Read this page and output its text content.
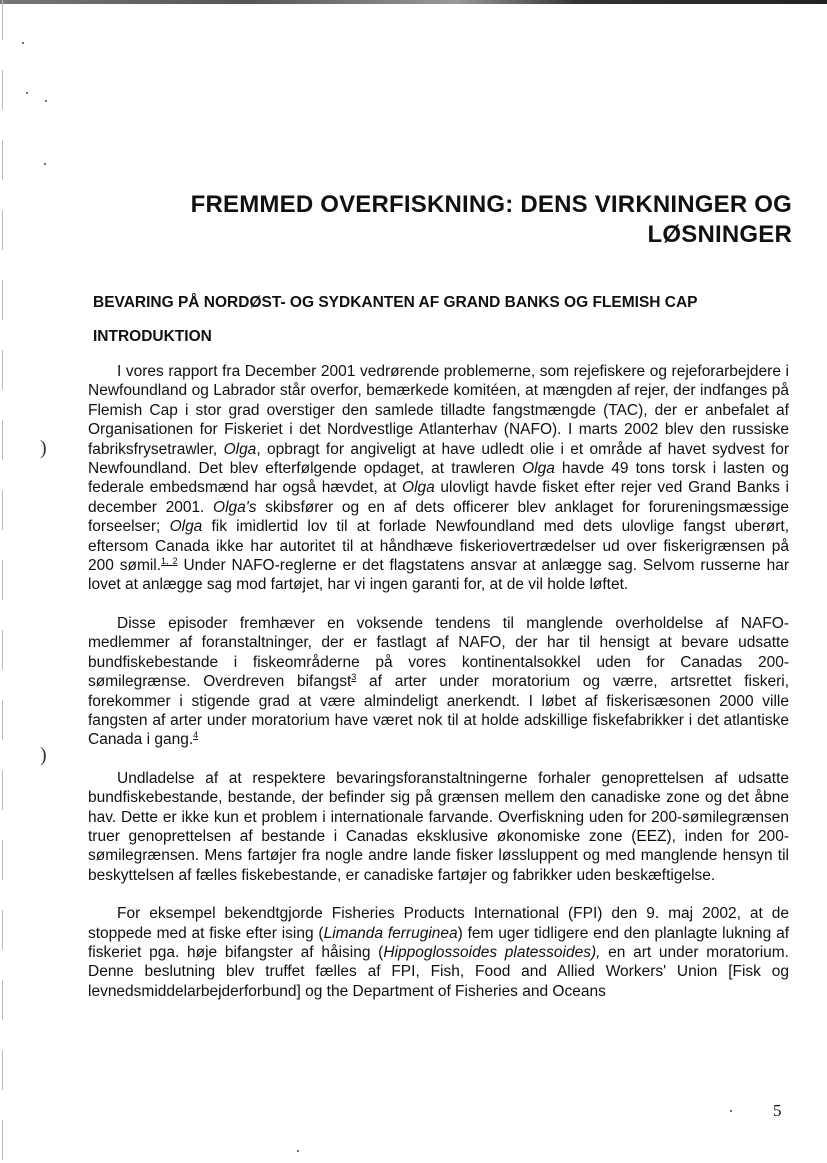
)
)
FREMMED OVERFISKNING: DENS VIRKNINGER OG
LØSNINGER
BEVARING PÅ NORDØST- OG SYDKANTEN AF GRAND BANKS OG FLEMISH CAP
INTRODUKTION

I vores rapport fra December 2001 vedrørende problemerne, som rejefiskere og rejeforarbejdere i Newfoundland og Labrador står overfor, bemærkede komitéen, at mængden af rejer, der indfanges på Flemish Cap i stor grad overstiger den samlede tilladte fangstmængde (TAC), der er anbefalet af Organisationen for Fiskeriet i det Nordvestlige Atlanterhav (NAFO). I marts 2002 blev den russiske fabriksfrysetrawler, Olga, opbragt for angiveligt at have udledt olie i et område af havet sydvest for Newfoundland. Det blev efterfølgende opdaget, at trawleren Olga havde 49 tons torsk i lasten og federale embedsmænd har også hævdet, at Olga ulovligt havde fisket efter rejer ved Grand Banks i december 2001. Olga's skibsfører og en af dets officerer blev anklaget for forureningsmæssige forseelser; Olga fik imidlertid lov til at forlade Newfoundland med dets ulovlige fangst uberørt, eftersom Canada ikke har autoritet til at håndhæve fiskeriovertrædelser ud over fiskerigrænsen på 200 sømil.$^{1, 2}$ Under NAFO-reglerne er det flagstatens ansvar at anlægge sag. Selvom russerne har lovet at anlægge sag mod fartøjet, har vi ingen garanti for, at de vil holde løftet.

Disse episoder fremhæver en voksende tendens til manglende overholdelse af NAFO-medlemmer af foranstaltninger, der er fastlagt af NAFO, der har til hensigt at bevare udsatte bundfiskebestande i fiskeområderne på vores kontinentalsokkel uden for Canadas 200-sømilegrænse. Overdreven bifangst$^3$ af arter under moratorium og værre, artsrettet fiskeri, forekommer i stigende grad at være almindeligt anerkendt. I løbet af fiskerisæsonen 2000 ville fangsten af arter under moratorium have været nok til at holde adskillige fiskefabrikker i det atlantiske Canada i gang.$^4$

Undladelse af at respektere bevaringsforanstaltningerne forhaler genoprettelsen af udsatte bundfiskebestande, bestande, der befinder sig på grænsen mellem den canadiske zone og det åbne hav. Dette er ikke kun et problem i internationale farvande. Overfiskning uden for 200-sømilegrænsen truer genoprettelsen af bestande i Canadas eksklusive økonomiske zone (EEZ), inden for 200-sømilegrænsen. Mens fartøjer fra nogle andre lande fisker løssluppent og med manglende hensyn til beskyttelsen af fælles fiskebestande, er canadiske fartøjer og fabrikker uden beskæftigelse.

For eksempel bekendtgjorde Fisheries Products International (FPI) den 9. maj 2002, at de stoppede med at fiske efter ising (Limanda ferruginea) fem uger tidligere end den planlagte lukning af fiskeriet pga. høje bifangster af håising (Hippoglossoides platessoides), en art under moratorium. Denne beslutning blev truffet fælles af FPI, Fish, Food and Allied Workers' Union [Fisk og levnedsmiddelarbejderforbund] og the Department of Fisheries and Oceans

5
